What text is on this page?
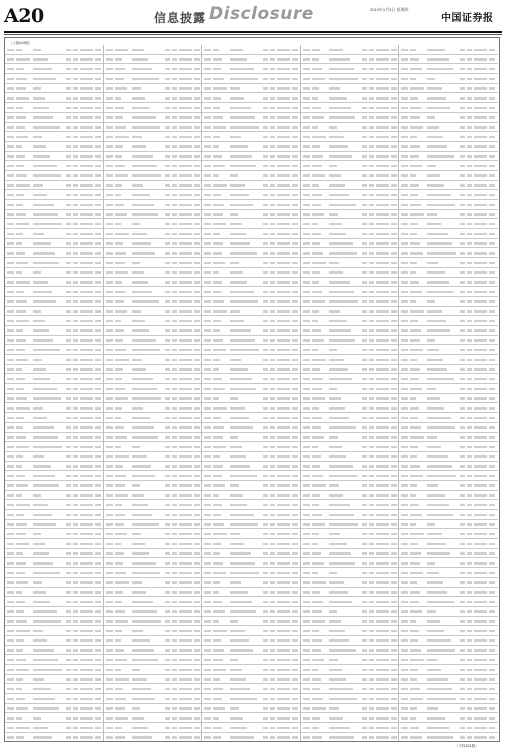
A20	信息披露 Disclosure	2019年1月3日 星期四
中国证券报
（上接A19版）
（下转A21版）
